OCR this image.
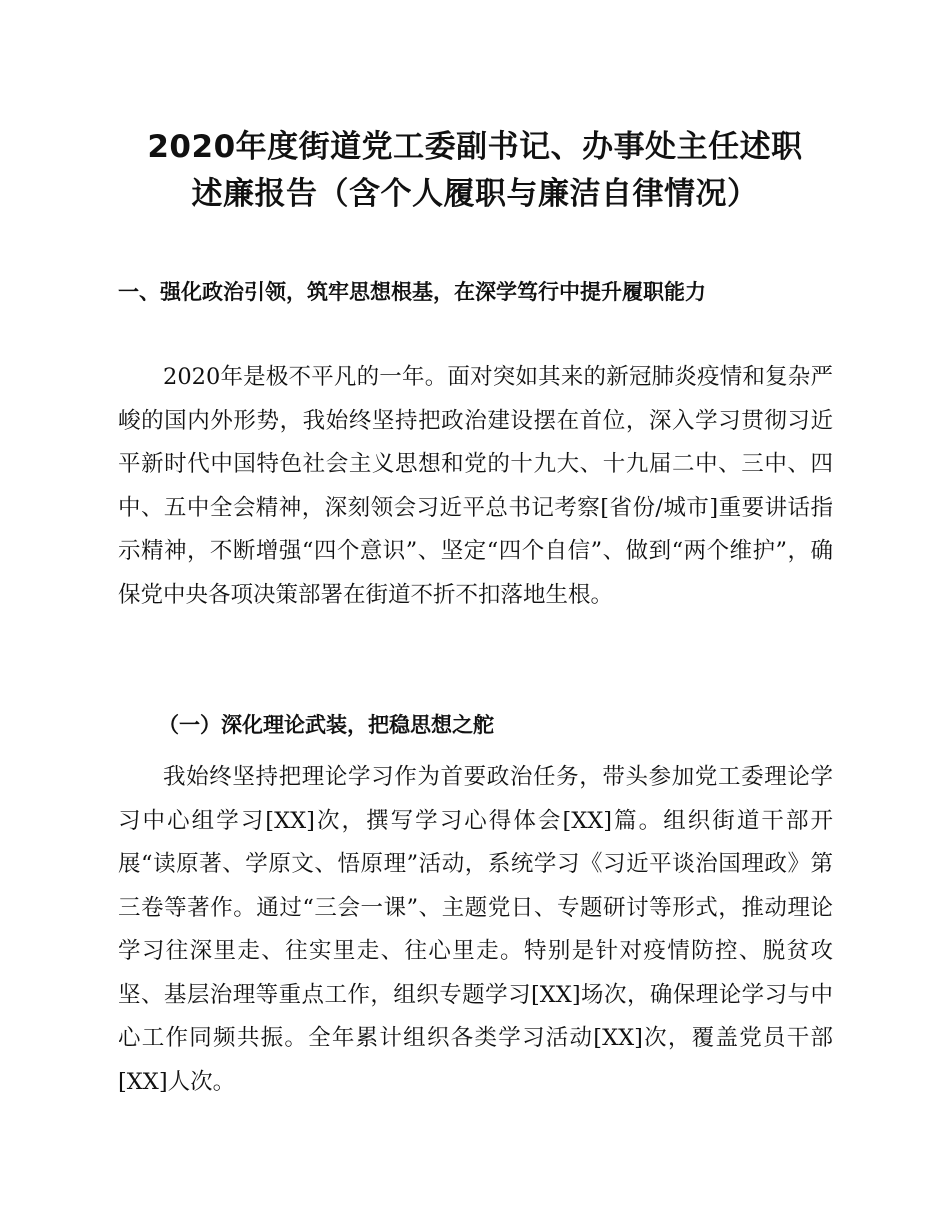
2020年度街道党工委副书记、办事处主任述职
述廉报告（含个人履职与廉洁自律情况）
一、强化政治引领，筑牢思想根基，在深学笃行中提升履职能力

2020年是极不平凡的一年。面对突如其来的新冠肺炎疫情和复杂严峻的国内外形势，我始终坚持把政治建设摆在首位，深入学习贯彻习近平新时代中国特色社会主义思想和党的十九大、十九届二中、三中、四中、五中全会精神，深刻领会习近平总书记考察[省份/城市]重要讲话指示精神，不断增强“四个意识”、坚定“四个自信”、做到“两个维护”，确保党中央各项决策部署在街道不折不扣落地生根。

（一）深化理论武装，把稳思想之舵

我始终坚持把理论学习作为首要政治任务，带头参加党工委理论学习中心组学习[XX]次，撰写学习心得体会[XX]篇。组织街道干部开展“读原著、学原文、悟原理”活动，系统学习《习近平谈治国理政》第三卷等著作。通过“三会一课”、主题党日、专题研讨等形式，推动理论学习往深里走、往实里走、往心里走。特别是针对疫情防控、脱贫攻坚、基层治理等重点工作，组织专题学习[XX]场次，确保理论学习与中心工作同频共振。全年累计组织各类学习活动[XX]次，覆盖党员干部[XX]人次。
